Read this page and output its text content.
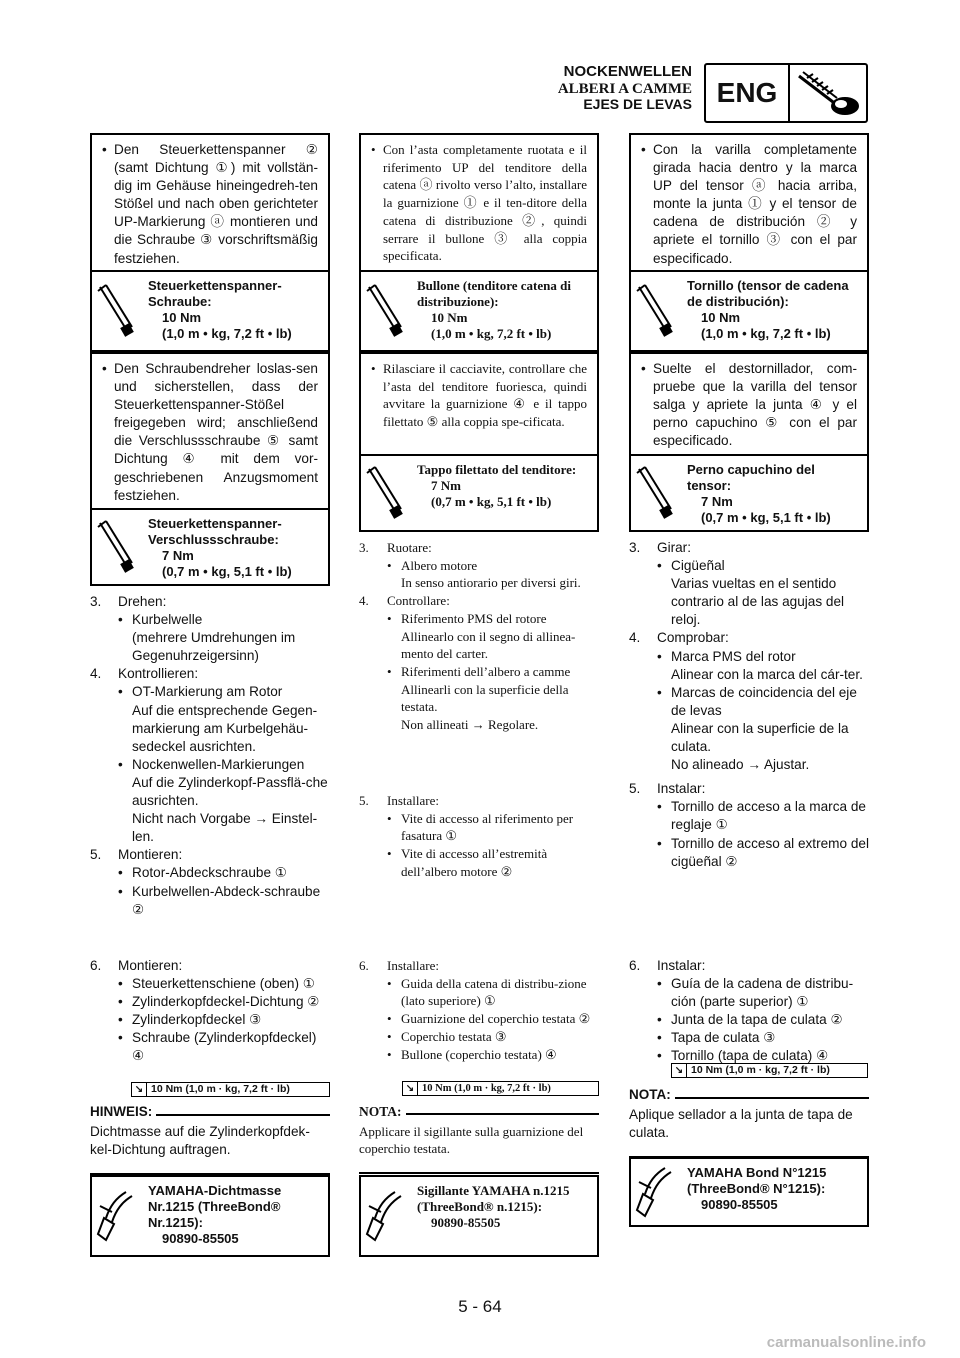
NOCKENWELLEN
ALBERI A CAMME
EJES DE LEVAS ENG
• Den Steuerkettenspanner ② (samt Dichtung ①) mit vollstän-dig im Gehäuse hineingedreh-ten Stößel und nach oben gerichteter UP-Markierung ⓐ montieren und die Schraube ③ vorschriftsmäßig festziehen.
Steuerkettenspanner-Schraube:
10 Nm
(1,0 m • kg, 7,2 ft • lb)
• Den Schraubendreher loslas-sen und sicherstellen, dass der Steuerkettenspanner-Stößel freigegeben wird; anschließend die Verschlussschraube ⑤ samt Dichtung ④ mit dem vor-geschriebenen Anzugsmoment festziehen.
Steuerkettenspanner-Verschlussschraube:
7 Nm
(0,7 m • kg, 5,1 ft • lb)
3. Drehen:
• Kurbelwelle
(mehrere Umdrehungen im Gegenuhrzeigersinn)
4. Kontrollieren:
• OT-Markierung am Rotor
Auf die entsprechende Gegen-markierung am Kurbelgehäu-sedeckel ausrichten.
• Nockenwellen-Markierungen
Auf die Zylinderkopf-Passflä-che ausrichten.
Nicht nach Vorgabe → Einstel-len.
5. Montieren:
• Rotor-Abdeckschraube ①
• Kurbelwellen-Abdeck-schraube ②
6. Montieren:
• Steuerkettenschiene (oben) ①
• Zylinderkopfdeckel-Dichtung ②
• Zylinderkopfdeckel ③
• Schraube (Zylinderkopfdeckel) ④
↘ 10 Nm (1,0 m · kg, 7,2 ft · lb)
HINWEIS:
Dichtmasse auf die Zylinderkopfdek-kel-Dichtung auftragen.
YAMAHA-Dichtmasse Nr.1215 (ThreeBond® Nr.1215):
90890-85505
• Con l’asta completamente ruotata e il riferimento UP del tenditore della catena ⓐ rivolto verso l’alto, installare la guarnizione ① e il ten-ditore della catena di distribuzione ②, quindi serrare il bullone ③ alla coppia specificata.
Bullone (tenditore catena di distribuzione):
10 Nm
(1,0 m • kg, 7,2 ft • lb)
• Rilasciare il cacciavite, controllare che l’asta del tenditore fuoriesca, quindi avvitare la guarnizione ④ e il tappo filettato ⑤ alla coppia spe-cificata.
Tappo filettato del tenditore:
7 Nm
(0,7 m • kg, 5,1 ft • lb)
3. Ruotare:
• Albero motore
In senso antiorario per diversi giri.
4. Controllare:
• Riferimento PMS del rotore
Allinearlo con il segno di allinea-mento del carter.
• Riferimenti dell’albero a camme
Allinearli con la superficie della testata.
Non allineati → Regolare.
5. Installare:
• Vite di accesso al riferimento per fasatura ①
• Vite di accesso all’estremità dell’albero motore ②
6. Installare:
• Guida della catena di distribu-zione (lato superiore) ①
• Guarnizione del coperchio testata ②
• Coperchio testata ③
• Bullone (coperchio testata) ④
↘ 10 Nm (1,0 m · kg, 7,2 ft · lb)
NOTA:
Applicare il sigillante sulla guarnizione del coperchio testata.
Sigillante YAMAHA n.1215 (ThreeBond® n.1215):
90890-85505
• Con la varilla completamente girada hacia dentro y la marca UP del tensor ⓐ hacia arriba, monte la junta ① y el tensor de cadena de distribución ② y apriete el tornillo ③ con el par especificado.
Tornillo (tensor de cadena de distribución):
10 Nm
(1,0 m • kg, 7,2 ft • lb)
• Suelte el destornillador, com-pruebe que la varilla del tensor salga y apriete la junta ④ y el perno capuchino ⑤ con el par especificado.
Perno capuchino del tensor:
7 Nm
(0,7 m • kg, 5,1 ft • lb)
3. Girar:
• Cigüeñal
Varias vueltas en el sentido contrario al de las agujas del reloj.
4. Comprobar:
• Marca PMS del rotor
Alinear con la marca del cár-ter.
• Marcas de coincidencia del eje de levas
Alinear con la superficie de la culata.
No alineado → Ajustar.
5. Instalar:
• Tornillo de acceso a la marca de reglaje ①
• Tornillo de acceso al extremo del cigüeñal ②
6. Instalar:
• Guía de la cadena de distribu-ción (parte superior) ①
• Junta de la tapa de culata ②
• Tapa de culata ③
• Tornillo (tapa de culata) ④
↘ 10 Nm (1,0 m · kg, 7,2 ft · lb)
NOTA:
Aplique sellador a la junta de tapa de culata.
YAMAHA Bond N°1215 (ThreeBond® N°1215):
90890-85505
5 - 64
carmanualsonline.info
